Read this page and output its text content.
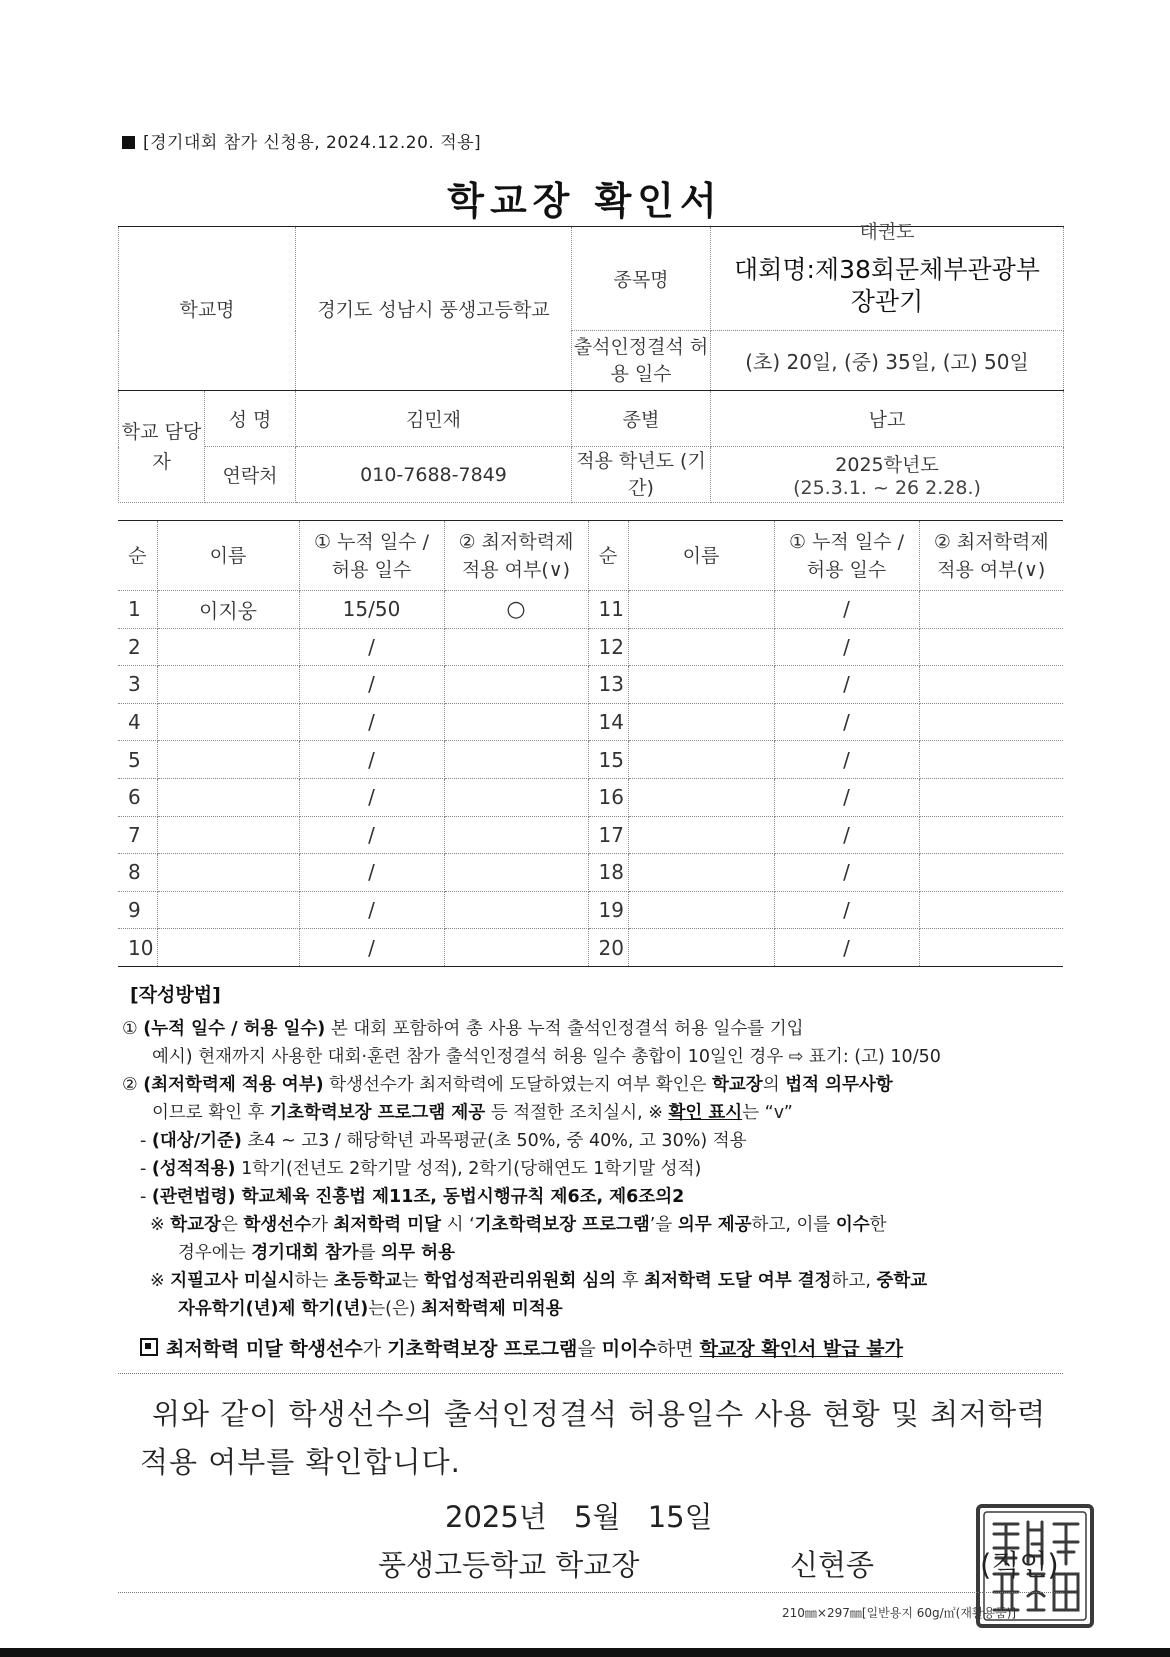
[경기대회 참가 신청용, 2024.12.20. 적용]
학교장 확인서
학교명		경기도 성남시 풍생고등학교	종목명	태권도
대회명:제38회문체부관광부장관기

			출석인정결석 허용 일수	(초) 20일, (중) 35일, (고) 50일
학교 담당자	성 명	김민재	종별	남고
	연락처	010-7688-7849	적용 학년도 (기간)	2025학년도
(25.3.1. ~ 26 2.28.)
순	이름	① 누적 일수 / 허용 일수	② 최저학력제 적용 여부(∨)	순	이름	① 누적 일수 / 허용 일수	② 최저학력제 적용 여부(∨)
1	이지웅	15/50	○	11		/	
2		/		12		/	
3		/		13		/	
4		/		14		/	
5		/		15		/	
6		/		16		/	
7		/		17		/	
8		/		18		/	
9		/		19		/	
10		/		20		/	
[작성방법]
① (누적 일수 / 허용 일수) 본 대회 포함하여 총 사용 누적 출석인정결석 허용 일수를 기입
예시) 현재까지 사용한 대회·훈련 참가 출석인정결석 허용 일수 총합이 10일인 경우 ⇨ 표기: (고) 10/50
② (최저학력제 적용 여부) 학생선수가 최저학력에 도달하였는지 여부 확인은 학교장의 법적 의무사항
이므로 확인 후 기초학력보장 프로그램 제공 등 적절한 조치실시, ※ 확인 표시는 “v”
- (대상/기준) 초4 ~ 고3 / 해당학년 과목평균(초 50%, 중 40%, 고 30%) 적용
- (성적적용) 1학기(전년도 2학기말 성적), 2학기(당해연도 1학기말 성적)
- (관련법령) 학교체육 진흥법 제11조, 동법시행규칙 제6조, 제6조의2
※ 학교장은 학생선수가 최저학력 미달 시 ‘기초학력보장 프로그램’을 의무 제공하고, 이를 이수한
경우에는 경기대회 참가를 의무 허용
※ 지필고사 미실시하는 초등학교는 학업성적관리위원회 심의 후 최저학력 도달 여부 결정하고, 중학교
자유학기(년)제 학기(년)는(은) 최저학력제 미적용
최저학력 미달 학생선수가 기초학력보장 프로그램을 미이수하면 학교장 확인서 발급 불가
위와 같이 학생선수의 출석인정결석 허용일수 사용 현황 및 최저학력
적용 여부를 확인합니다.
2025년 5월 15일
풍생고등학교 학교장	신현종	(직인)
210㎜×297㎜[일반용지 60g/㎡(재활용품)]
